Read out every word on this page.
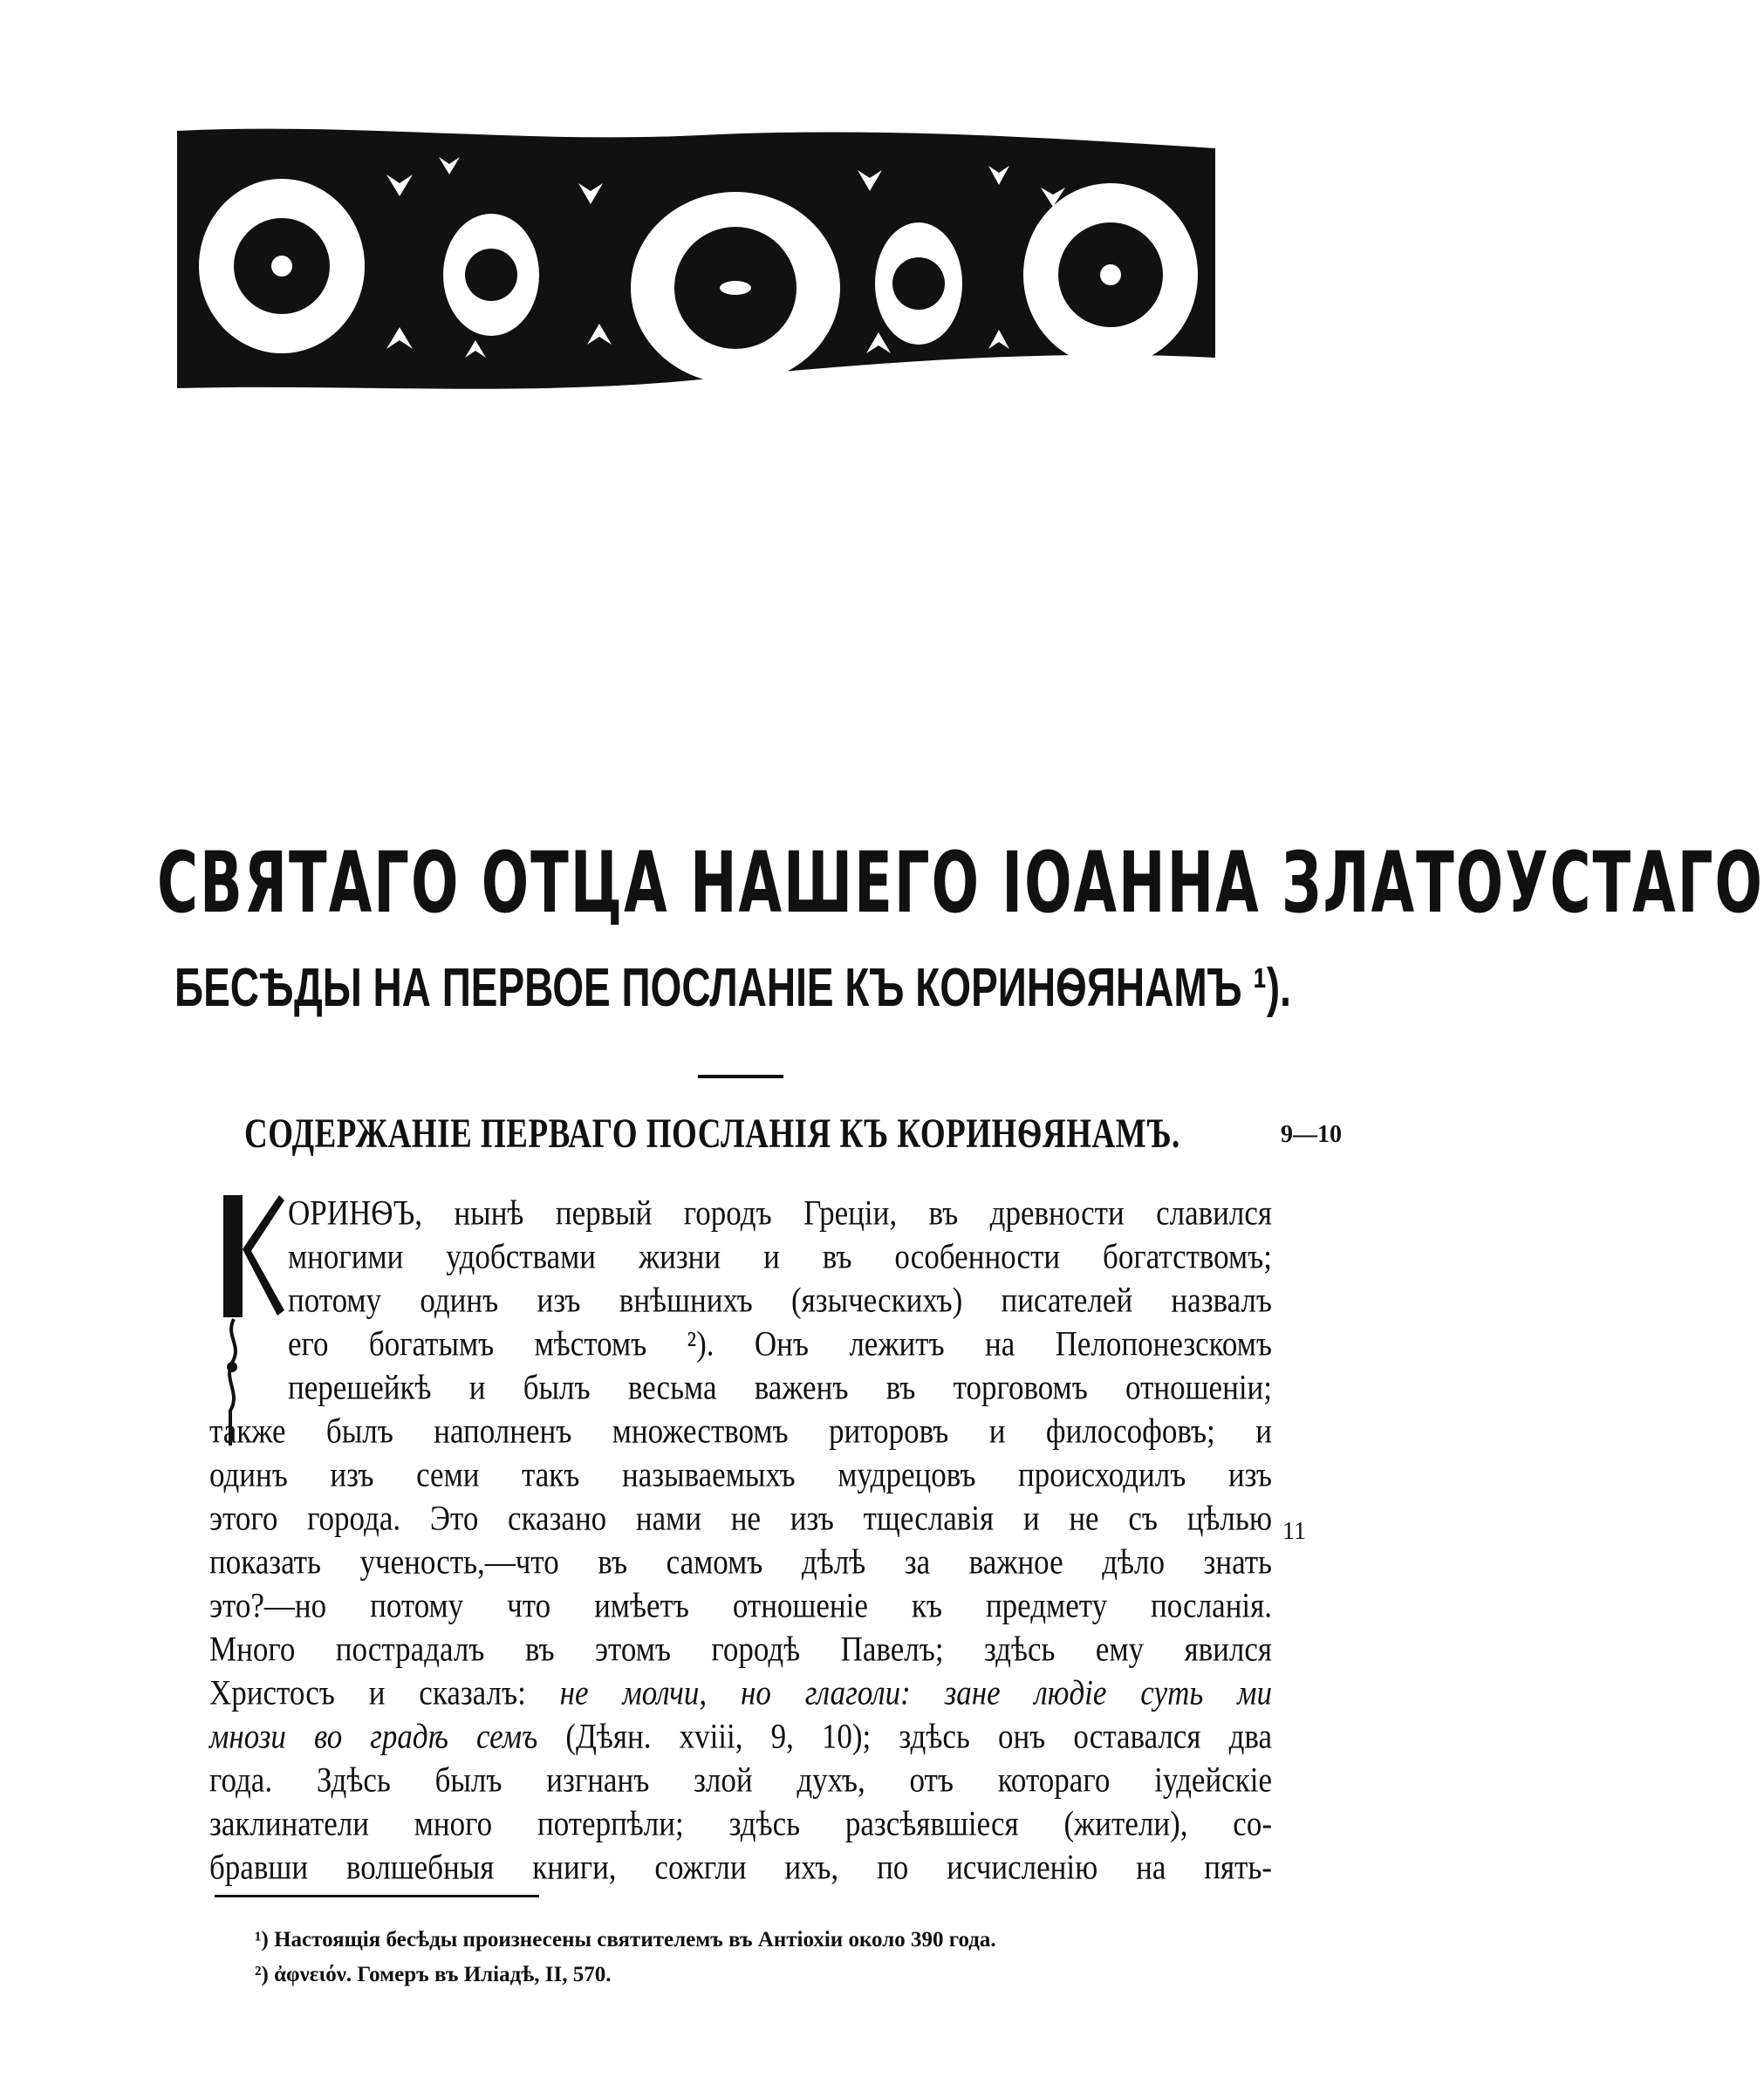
СВЯТАГО ОТЦА НАШЕГО ІОАННА ЗЛАТОУСТАГО
БЕСѢДЫ НА ПЕРВОЕ ПОСЛАНІЕ КЪ КОРИНѲЯНАМЪ ¹).
СОДЕРЖАНІЕ ПЕРВАГО ПОСЛАНІЯ КЪ КОРИНѲЯНАМЪ.	9—10
11
К ОРИНѲЪ, нынѣ первый городъ Греціи, въ древности славился
многими удобствами жизни и въ особенности богатствомъ;
потому одинъ изъ внѣшнихъ (языческихъ) писателей назвалъ
его богатымъ мѣстомъ ²). Онъ лежитъ на Пелопонезскомъ
перешейкѣ и былъ весьма важенъ въ торговомъ отношеніи;
также былъ наполненъ множествомъ риторовъ и философовъ; и
одинъ изъ семи такъ называемыхъ мудрецовъ происходилъ изъ
этого города. Это сказано нами не изъ тщеславія и не съ цѣлью
показать ученость,—что въ самомъ дѣлѣ за важное дѣло знать
это?—но потому что имѣетъ отношеніе къ предмету посланія.
Много пострадалъ въ этомъ городѣ Павелъ; здѣсь ему явился
Христосъ и сказалъ: не молчи, но глаголи: зане людіе суть ми
мнози во градѣ семъ (Дѣян. xviii, 9, 10); здѣсь онъ оставался два
года. Здѣсь былъ изгнанъ злой духъ, отъ котораго іудейскіе
заклинатели много потерпѣли; здѣсь разсѣявшіеся (жители), со-
бравши волшебныя книги, сожгли ихъ, по исчисленію на пять-
¹) Настоящія бесѣды произнесены святителемъ въ Антіохіи около 390 года.
²) ἀφνειόν. Гомеръ въ Иліадѣ, II, 570.
